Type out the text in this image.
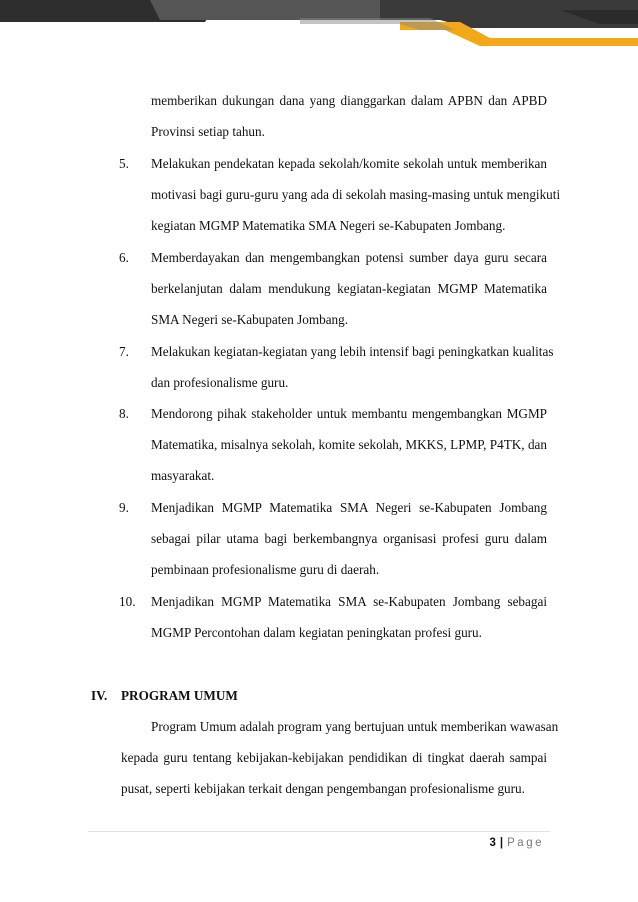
memberikan dukungan dana yang dianggarkan dalam APBN dan APBD
Provinsi setiap tahun.
5. Melakukan pendekatan kepada sekolah/komite sekolah untuk memberikan
motivasi bagi guru-guru yang ada di sekolah masing-masing untuk mengikuti
kegiatan MGMP Matematika SMA Negeri se-Kabupaten Jombang.
6. Memberdayakan dan mengembangkan potensi sumber daya guru secara
berkelanjutan dalam mendukung kegiatan-kegiatan MGMP Matematika
SMA Negeri se-Kabupaten Jombang.
7. Melakukan kegiatan-kegiatan yang lebih intensif bagi peningkatkan kualitas
dan profesionalisme guru.
8. Mendorong pihak stakeholder untuk membantu mengembangkan MGMP
Matematika, misalnya sekolah, komite sekolah, MKKS, LPMP, P4TK, dan
masyarakat.
9. Menjadikan MGMP Matematika SMA Negeri se-Kabupaten Jombang
sebagai pilar utama bagi berkembangnya organisasi profesi guru dalam
pembinaan profesionalisme guru di daerah.
10. Menjadikan MGMP Matematika SMA se-Kabupaten Jombang sebagai
MGMP Percontohan dalam kegiatan peningkatan profesi guru.
IV. PROGRAM UMUM
Program Umum adalah program yang bertujuan untuk memberikan wawasan
kepada guru tentang kebijakan-kebijakan pendidikan di tingkat daerah sampai
pusat, seperti kebijakan terkait dengan pengembangan profesionalisme guru.
3 | Page
